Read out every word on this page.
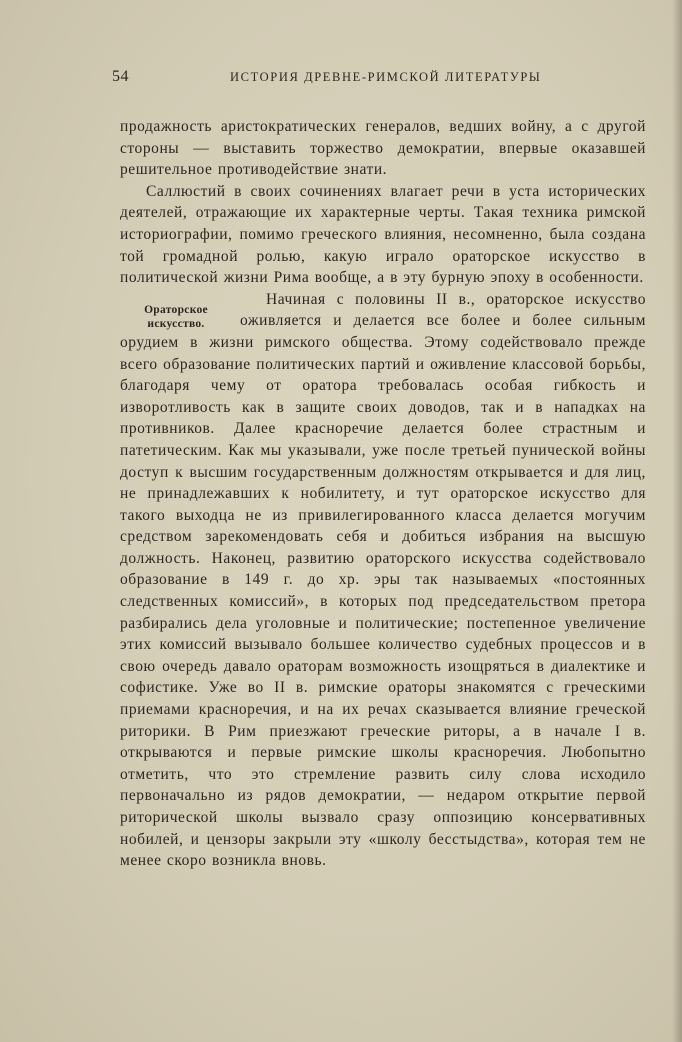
54	ИСТОРИЯ ДРЕВНЕ-РИМСКОЙ ЛИТЕРАТУРЫ

продажность аристократических генералов, ведших войну, а с другой стороны — выставить торжество демократии, впервые оказавшей решительное противодействие знати.

Саллюстий в своих сочинениях влагает речи в уста исторических деятелей, отражающие их характерные черты. Такая техника римской историографии, помимо греческого влияния, несомненно, была создана той громадной ролью, какую играло ораторское искусство в политической жизни Рима вообще, а в эту бурную эпоху в особенности.

Ораторское
искусство.

Начиная с половины II в., ораторское искусство оживляется и делается все более и более сильным орудием в жизни римского общества. Этому содействовало прежде всего образование политических партий и оживление классовой борьбы, благодаря чему от оратора требовалась особая гибкость и изворотливость как в защите своих доводов, так и в нападках на противников. Далее красноречие делается более страстным и патетическим. Как мы указывали, уже после третьей пунической войны доступ к высшим государственным должностям открывается и для лиц, не принадлежавших к нобилитету, и тут ораторское искусство для такого выходца не из привилегированного класса делается могучим средством зарекомендовать себя и добиться избрания на высшую должность. Наконец, развитию ораторского искусства содействовало образование в 149 г. до хр. эры так называемых «постоянных следственных комиссий», в которых под председательством претора разбирались дела уголовные и политические; постепенное увеличение этих комиссий вызывало большее количество судебных процессов и в свою очередь давало ораторам возможность изощряться в диалектике и софистике. Уже во II в. римские ораторы знакомятся с греческими приемами красноречия, и на их речах сказывается влияние греческой риторики. В Рим приезжают греческие риторы, а в начале I в. открываются и первые римские школы красноречия. Любопытно отметить, что это стремление развить силу слова исходило первоначально из рядов демократии, — недаром открытие первой риторической школы вызвало сразу оппозицию консервативных нобилей, и цензоры закрыли эту «школу бесстыдства», которая тем не менее скоро возникла вновь.
